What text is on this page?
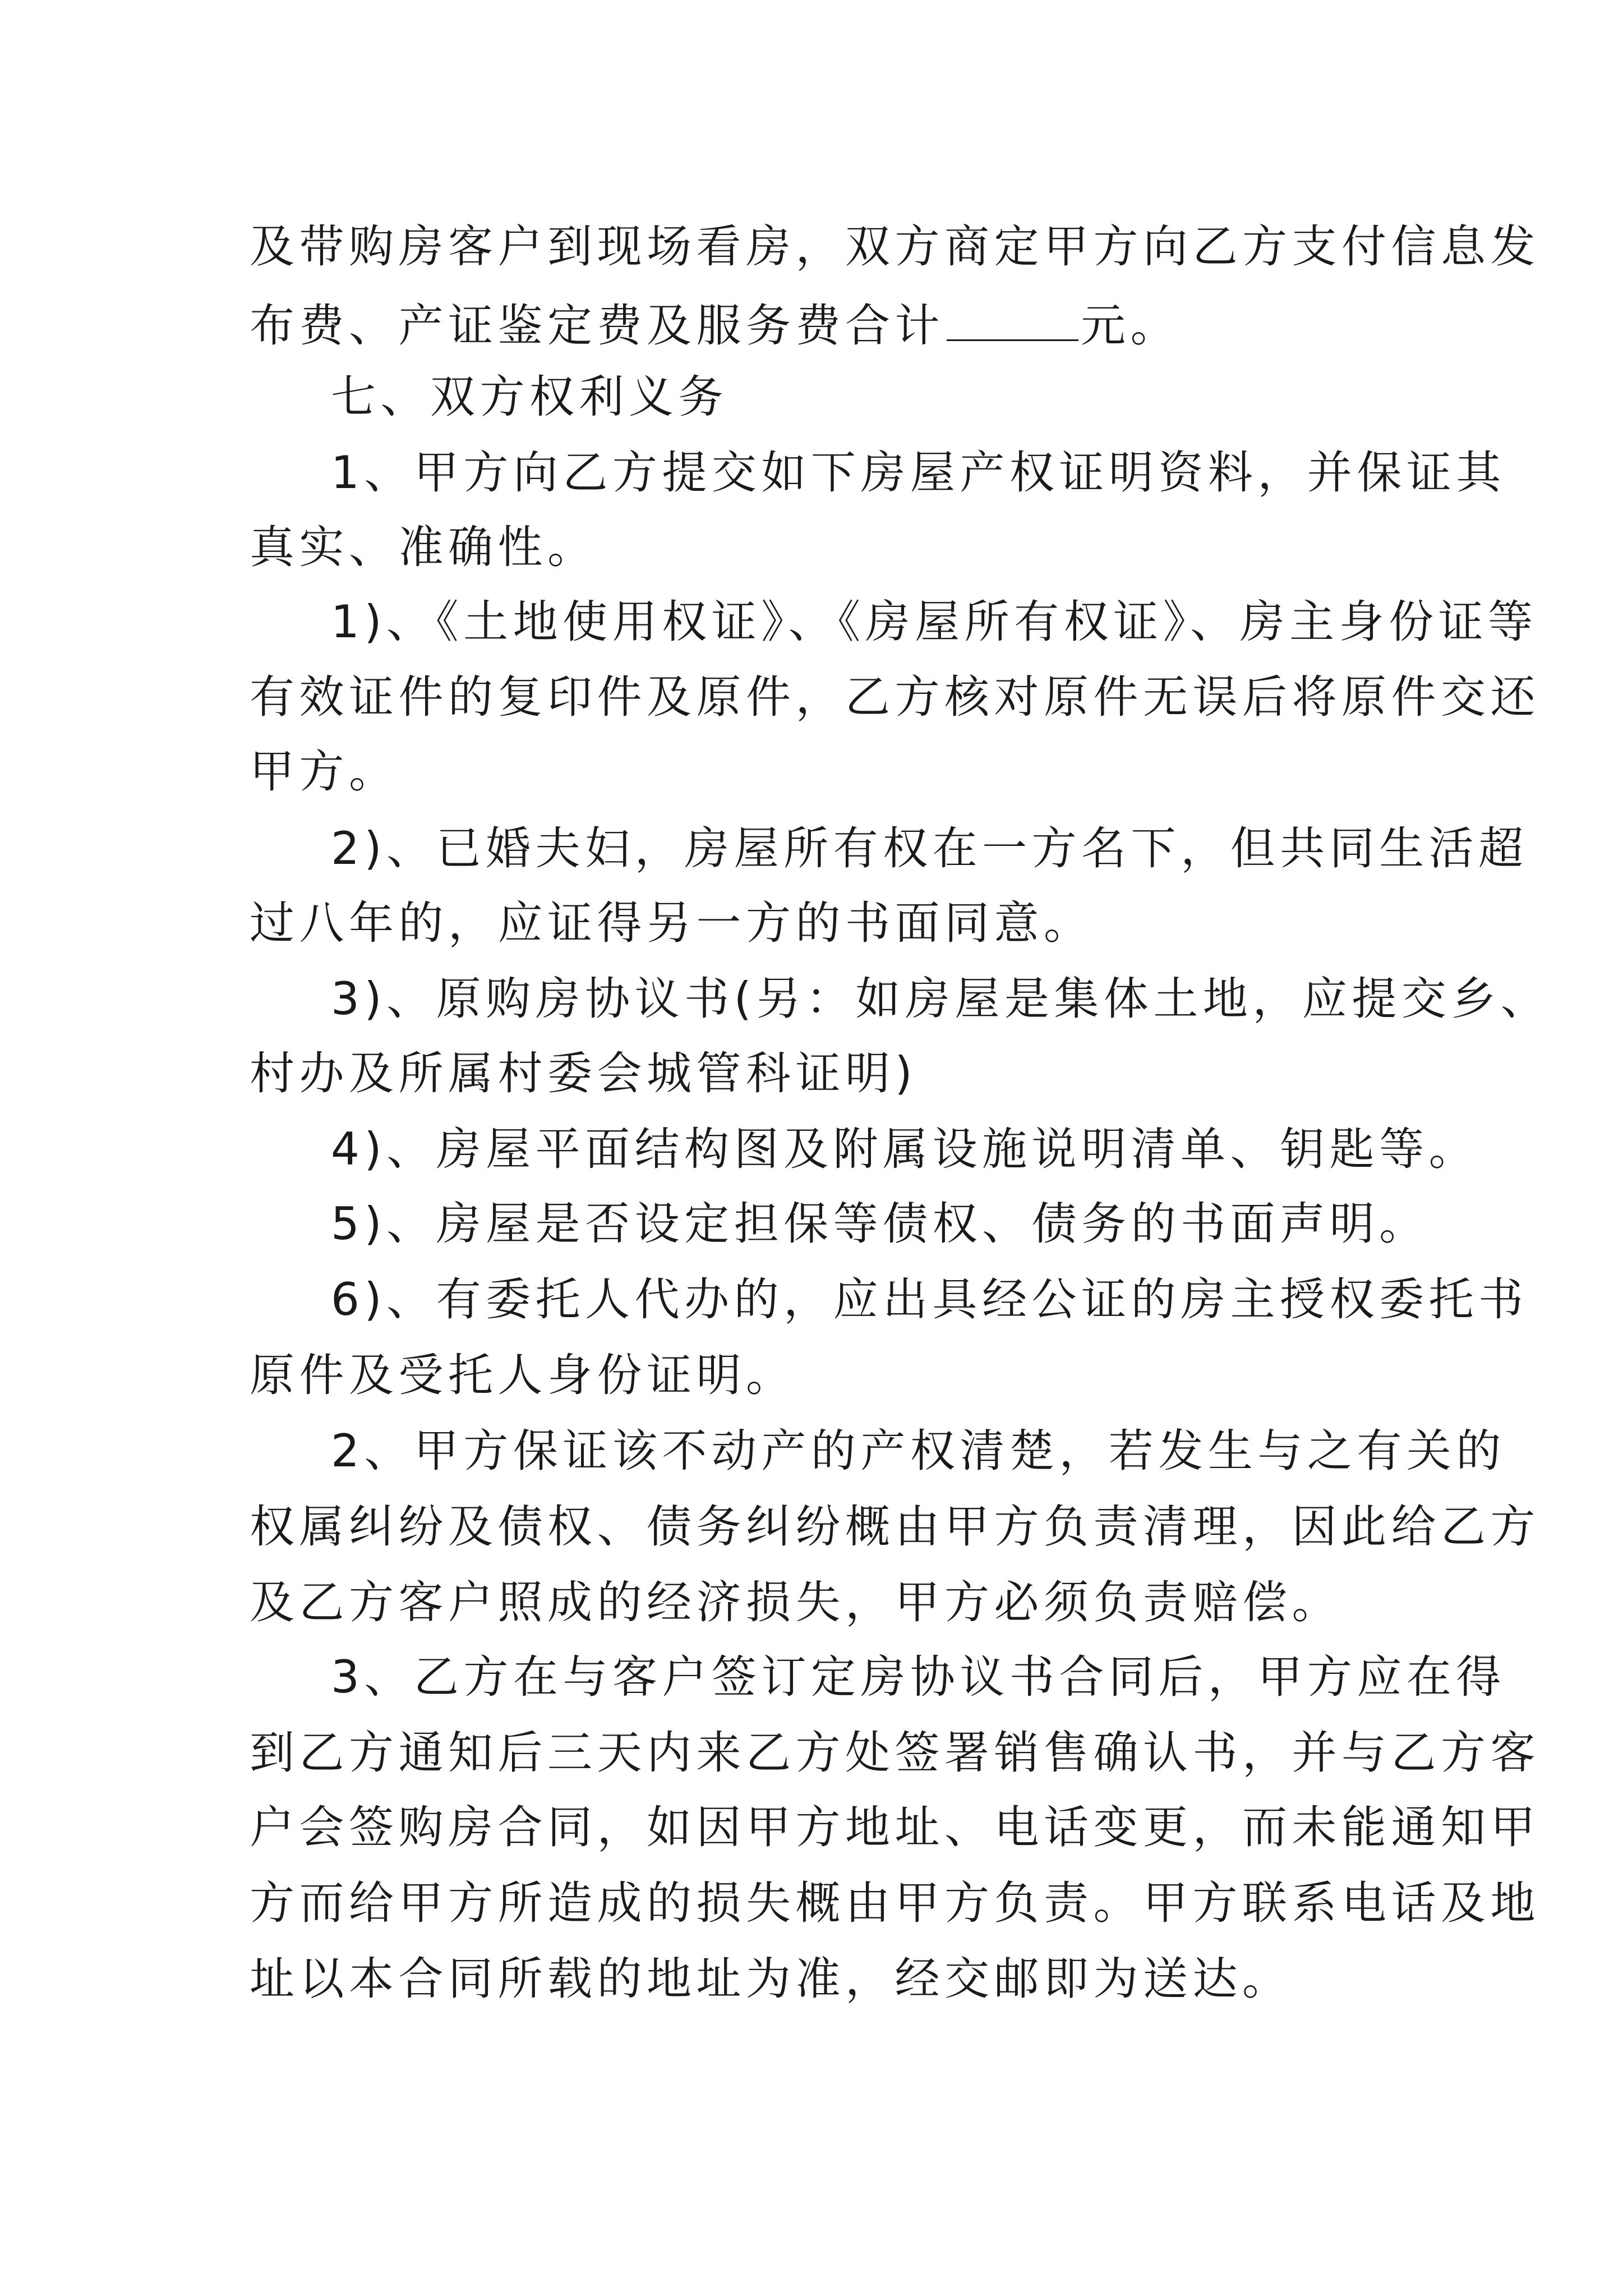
及带购房客户到现场看房，双方商定甲方向乙方支付信息发
布费、产证鉴定费及服务费合计	元。
七、双方权利义务
1、甲方向乙方提交如下房屋产权证明资料，并保证其
真实、准确性。
1)、《土地使用权证》、《房屋所有权证》、房主身份证等
有效证件的复印件及原件，乙方核对原件无误后将原件交还
甲方。
2)、已婚夫妇，房屋所有权在一方名下，但共同生活超
过八年的，应证得另一方的书面同意。
3)、原购房协议书(另：如房屋是集体土地，应提交乡、
村办及所属村委会城管科证明)
4)、房屋平面结构图及附属设施说明清单、钥匙等。
5)、房屋是否设定担保等债权、债务的书面声明。
6)、有委托人代办的，应出具经公证的房主授权委托书
原件及受托人身份证明。
2、甲方保证该不动产的产权清楚，若发生与之有关的
权属纠纷及债权、债务纠纷概由甲方负责清理，因此给乙方
及乙方客户照成的经济损失，甲方必须负责赔偿。
3、乙方在与客户签订定房协议书合同后，甲方应在得
到乙方通知后三天内来乙方处签署销售确认书，并与乙方客
户会签购房合同，如因甲方地址、电话变更，而未能通知甲
方而给甲方所造成的损失概由甲方负责。甲方联系电话及地
址以本合同所载的地址为准，经交邮即为送达。
